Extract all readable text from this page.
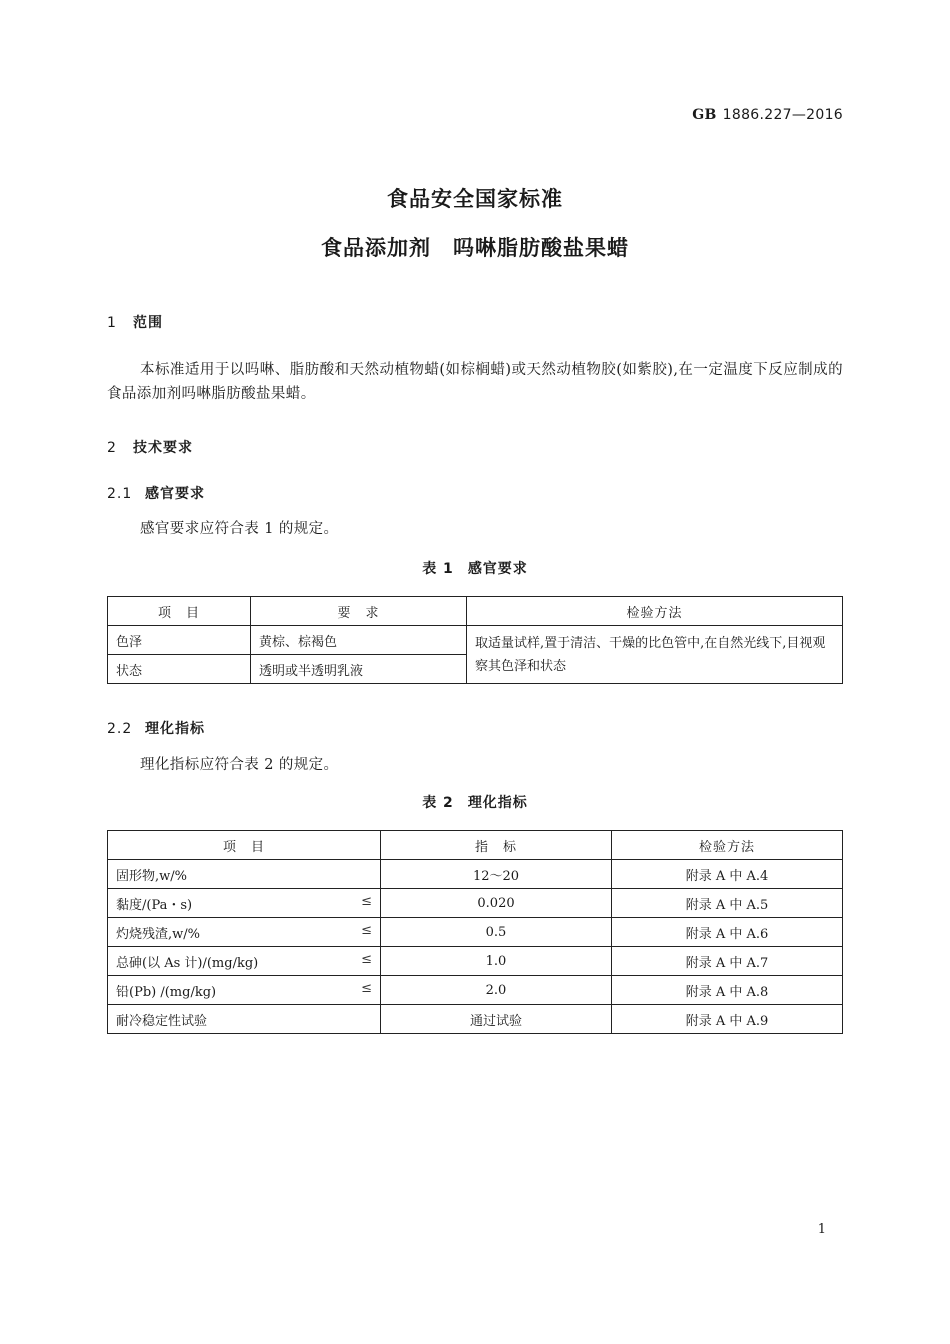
GB 1886.227—2016
食品安全国家标准
食品添加剂　吗啉脂肪酸盐果蜡
1 范围
本标准适用于以吗啉、脂肪酸和天然动植物蜡(如棕榈蜡)或天然动植物胶(如紫胶),在一定温度下反应制成的食品添加剂吗啉脂肪酸盐果蜡。
2 技术要求
2.1 感官要求
感官要求应符合表 1 的规定。
表 1 感官要求
项　目	要　求	检验方法
色泽	黄棕、棕褐色	取适量试样,置于清洁、干燥的比色管中,在自然光线下,目视观察其色泽和状态
状态	透明或半透明乳液	
2.2 理化指标
理化指标应符合表 2 的规定。
表 2 理化指标
项　目	指　标	检验方法
固形物,w/%	12～20	附录 A 中 A.4
黏度/(Pa・s) ≤	0.020	附录 A 中 A.5
灼烧残渣,w/% ≤	0.5	附录 A 中 A.6
总砷(以 As 计)/(mg/kg) ≤	1.0	附录 A 中 A.7
铅(Pb) /(mg/kg) ≤	2.0	附录 A 中 A.8
耐冷稳定性试验	通过试验	附录 A 中 A.9
1
